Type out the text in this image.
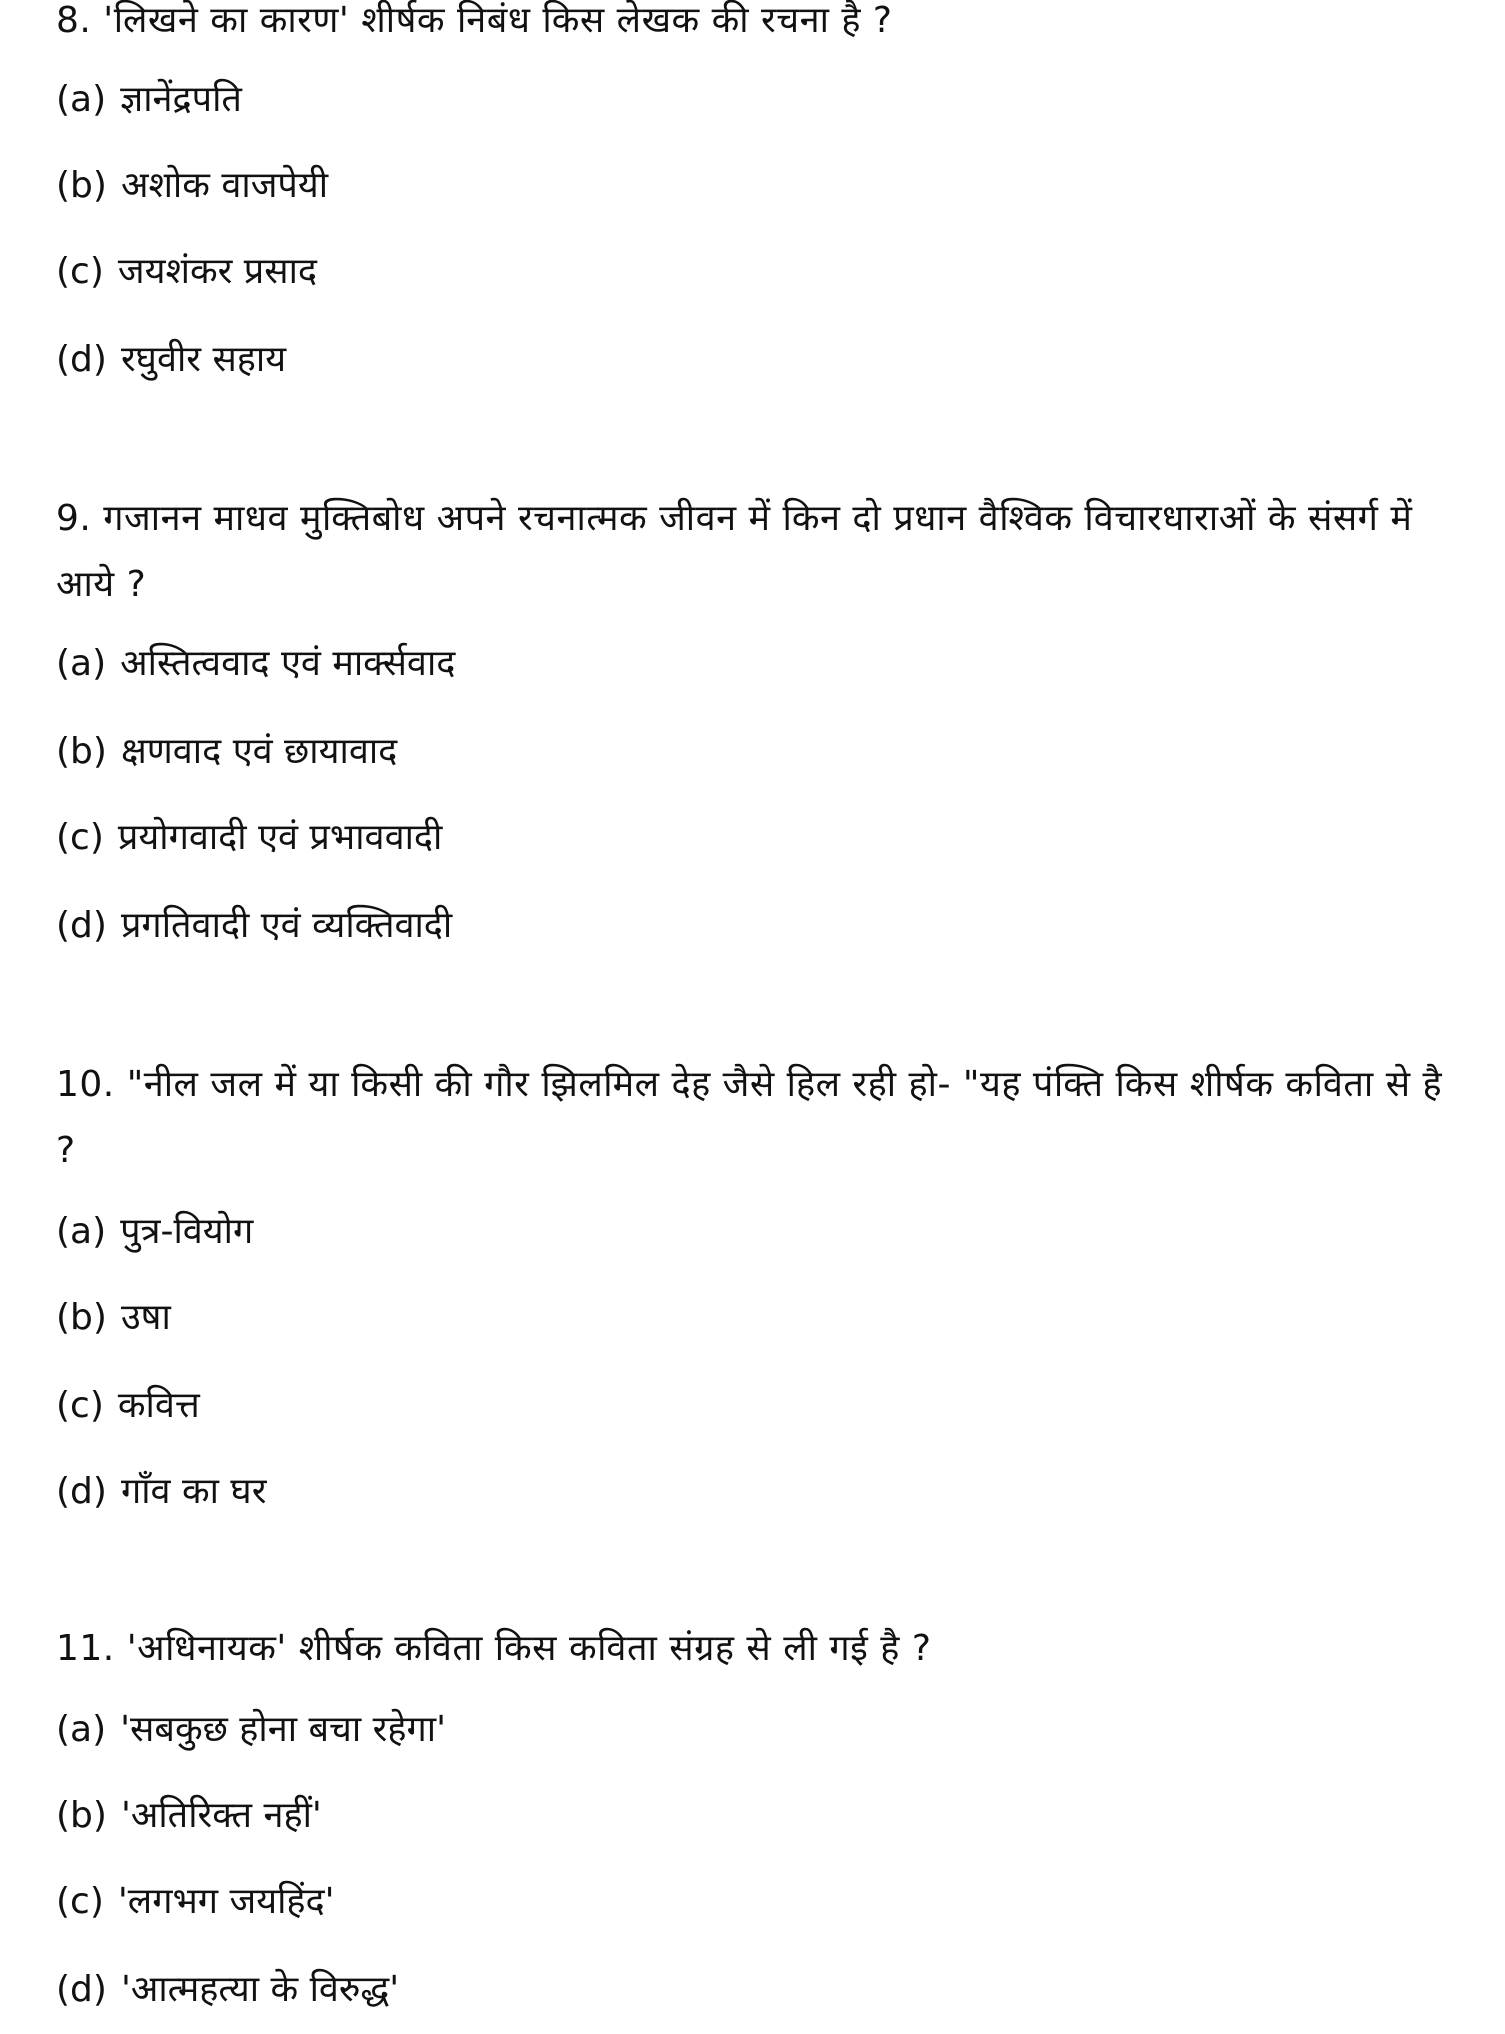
8. 'लिखने का कारण' शीर्षक निबंध किस लेखक की रचना है ?

(a) ज्ञानेंद्रपति

(b) अशोक वाजपेयी

(c) जयशंकर प्रसाद

(d) रघुवीर सहाय

9. गजानन माधव मुक्तिबोध अपने रचनात्मक जीवन में किन दो प्रधान वैश्विक विचारधाराओं के संसर्ग में आये ?

(a) अस्तित्ववाद एवं मार्क्सवाद

(b) क्षणवाद एवं छायावाद

(c) प्रयोगवादी एवं प्रभाववादी

(d) प्रगतिवादी एवं व्यक्तिवादी

10. "नील जल में या किसी की गौर झिलमिल देह जैसे हिल रही हो- "यह पंक्ति किस शीर्षक कविता से है ?

(a) पुत्र-वियोग

(b) उषा

(c) कवित्त

(d) गाँव का घर

11. 'अधिनायक' शीर्षक कविता किस कविता संग्रह से ली गई है ?

(a) 'सबकुछ होना बचा रहेगा'

(b) 'अतिरिक्त नहीं'

(c) 'लगभग जयहिंद'

(d) 'आत्महत्या के विरुद्ध'
